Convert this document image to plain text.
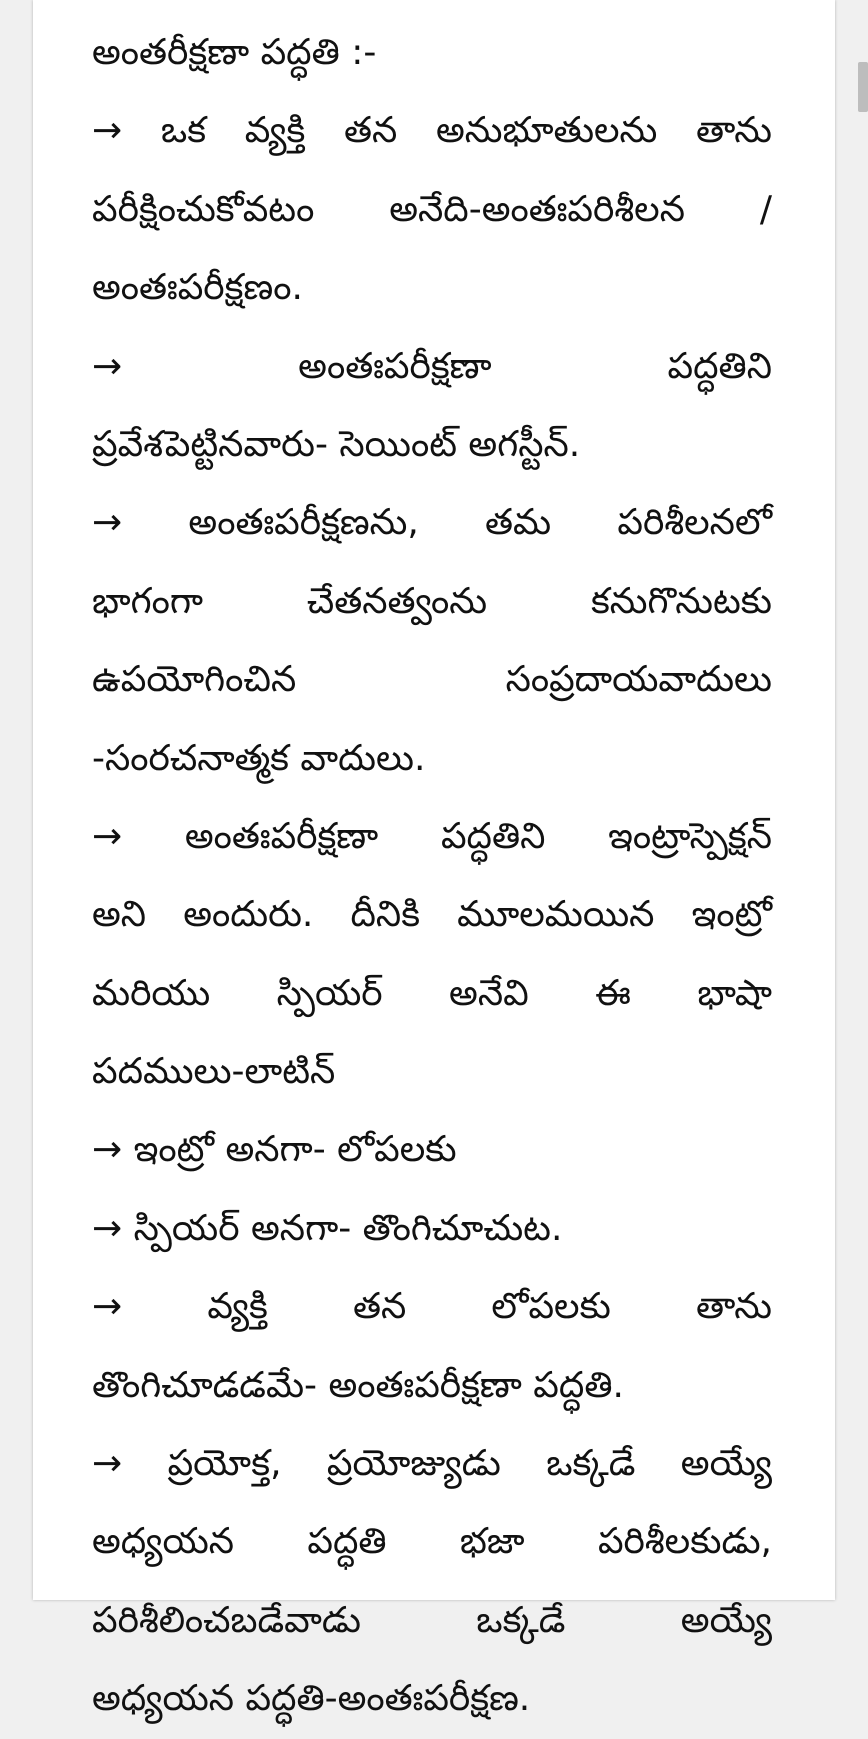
అంతరీక్షణా పద్ధతి :-
→ ఒక వ్యక్తి తన అనుభూతులను తాను
పరీక్షించుకోవటం అనేది-అంతఃపరిశీలన /
అంతఃపరీక్షణం.
→	అంతఃపరీక్షణా	పద్ధతిని
ప్రవేశపెట్టినవారు- సెయింట్ అగస్టీన్.
→ అంతఃపరీక్షణను, తమ పరిశీలనలో
భాగంగా	చేతనత్వంను	కనుగొనుటకు
ఉపయోగించిన	సంప్రదాయవాదులు
-సంరచనాత్మక వాదులు.
→ అంతఃపరీక్షణా పద్ధతిని ఇంట్రాస్పెక్షన్
అని అందురు. దీనికి మూలమయిన ఇంట్రో
మరియు స్పియర్ అనేవి ఈ భాషా
పదములు-లాటిన్
→ ఇంట్రో అనగా- లోపలకు
→ స్పియర్ అనగా- తొంగిచూచుట.
→ వ్యక్తి తన లోపలకు తాను
తొంగిచూడడమే- అంతఃపరీక్షణా పద్ధతి.
→ ప్రయోక్త, ప్రయోజ్యుడు ఒక్కడే అయ్యే
అధ్యయన పద్ధతి భజా పరిశీలకుడు,
పరిశీలించబడేవాడు	ఒక్కడే	అయ్యే
అధ్యయన పద్ధతి-అంతఃపరీక్షణ.
